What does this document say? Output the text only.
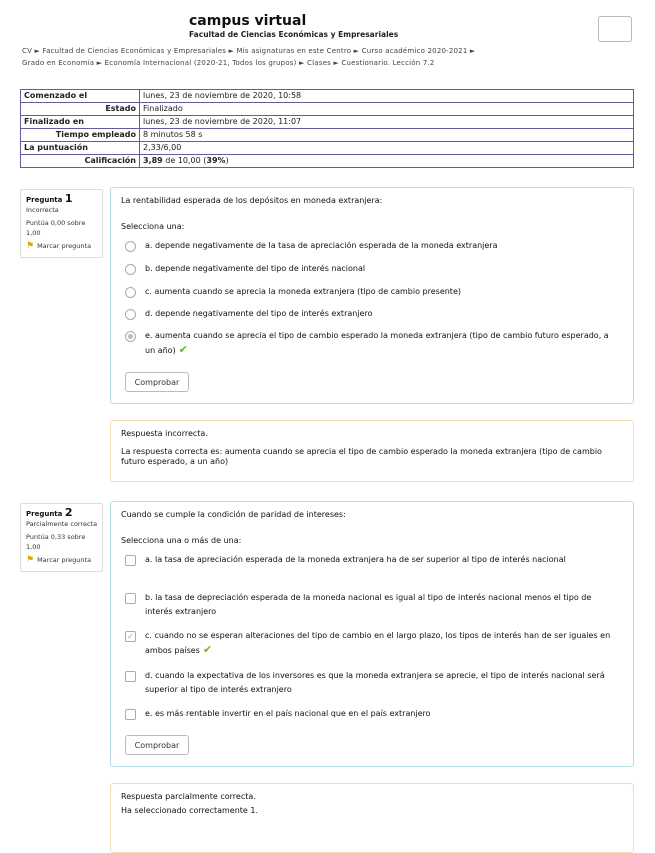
campus virtual
Facultad de Ciencias Económicas y Empresariales
CV ► Facultad de Ciencias Económicas y Empresariales ► Mis asignaturas en este Centro ► Curso académico 2020-2021 ►
Grado en Economía ► Economía Internacional (2020-21, Todos los grupos) ► Clases ► Cuestionario. Lección 7.2
Comenzado el	lunes, 23 de noviembre de 2020, 10:58
Estado	Finalizado
Finalizado en	lunes, 23 de noviembre de 2020, 11:07
Tiempo empleado	8 minutos 58 s
La puntuación	2,33/6,00
Calificación	3,89 de 10,00 (39%)
Pregunta 1
Incorrecta
Puntúa 0,00 sobre 1,00
⚑ Marcar pregunta
La rentabilidad esperada de los depósitos en moneda extranjera:
Selecciona una:
a. depende negativamente de la tasa de apreciación esperada de la moneda extranjera
b. depende negativamente del tipo de interés nacional
c. aumenta cuando se aprecia la moneda extranjera (tipo de cambio presente)
d. depende negativamente del tipo de interés extranjero
e. aumenta cuando se aprecia el tipo de cambio esperado la moneda extranjera (tipo de cambio futuro esperado, a un año) ✔
Comprobar
Respuesta incorrecta.
La respuesta correcta es: aumenta cuando se aprecia el tipo de cambio esperado la moneda extranjera (tipo de cambio futuro esperado, a un año)
Pregunta 2
Parcialmente correcta
Puntúa 0,33 sobre 1,00
⚑ Marcar pregunta
Cuando se cumple la condición de paridad de intereses:
Selecciona una o más de una:
a. la tasa de apreciación esperada de la moneda extranjera ha de ser superior al tipo de interés nacional
b. la tasa de depreciación esperada de la moneda nacional es igual al tipo de interés nacional menos el tipo de interés extranjero
✓ c. cuando no se esperan alteraciones del tipo de cambio en el largo plazo, los tipos de interés han de ser iguales en ambos países ✔
d. cuando la expectativa de los inversores es que la moneda extranjera se aprecie, el tipo de interés nacional será superior al tipo de interés extranjero
e. es más rentable invertir en el país nacional que en el país extranjero
Comprobar
Respuesta parcialmente correcta.
Ha seleccionado correctamente 1.
